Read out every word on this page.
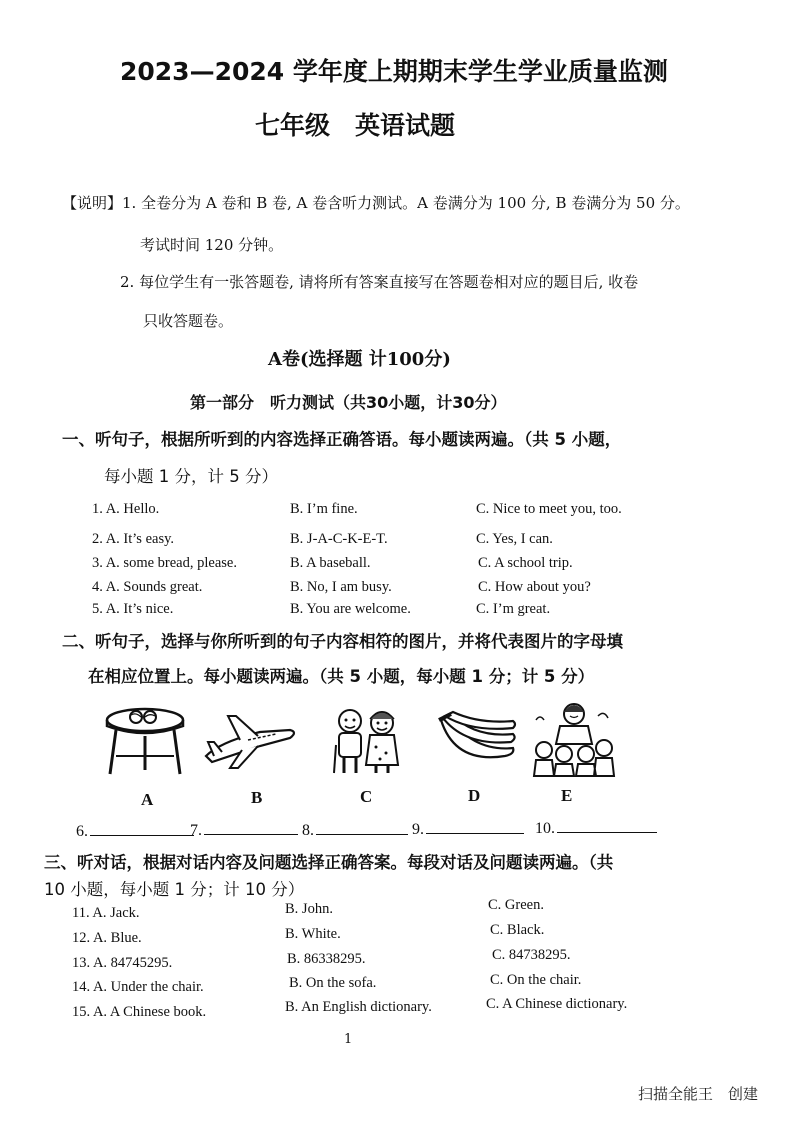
2023—2024 学年度上期期末学生学业质量监测
七年级　英语试题
【说明】1. 全卷分为 A 卷和 B 卷, A 卷含听力测试。A 卷满分为 100 分, B 卷满分为 50 分。
考试时间 120 分钟。
2. 每位学生有一张答题卷, 请将所有答案直接写在答题卷相对应的题目后, 收卷
只收答题卷。
A卷(选择题 计100分)
第一部分　听力测试（共30小题，计30分）
一、听句子，根据所听到的内容选择正确答语。每小题读两遍。（共 5 小题，
每小题 1 分，计 5 分）
1. A. Hello.	B. I’m fine.	C. Nice to meet you, too.
2. A. It’s easy.	B. J-A-C-K-E-T.	C. Yes, I can.
3. A. some bread, please.	B. A baseball.	C. A school trip.
4. A. Sounds great.	B. No, I am busy.	C. How about you?
5. A. It’s nice.	B. You are welcome.	C. I’m great.
二、听句子，选择与你所听到的句子内容相符的图片，并将代表图片的字母填
在相应位置上。每小题读两遍。（共 5 小题，每小题 1 分；计 5 分）
A	B	C	D	E
6.	7.	8.	9.	10.
三、听对话，根据对话内容及问题选择正确答案。每段对话及问题读两遍。（共
10 小题，每小题 1 分；计 10 分）
11. A. Jack.	B. John.	C. Green.
12. A. Blue.	B. White.	C. Black.
13. A. 84745295.	B. 86338295.	C. 84738295.
14. A. Under the chair.	B. On the sofa.	C. On the chair.
15. A. A Chinese book.	B. An English dictionary.	C. A Chinese dictionary.
1
扫描全能王　创建
